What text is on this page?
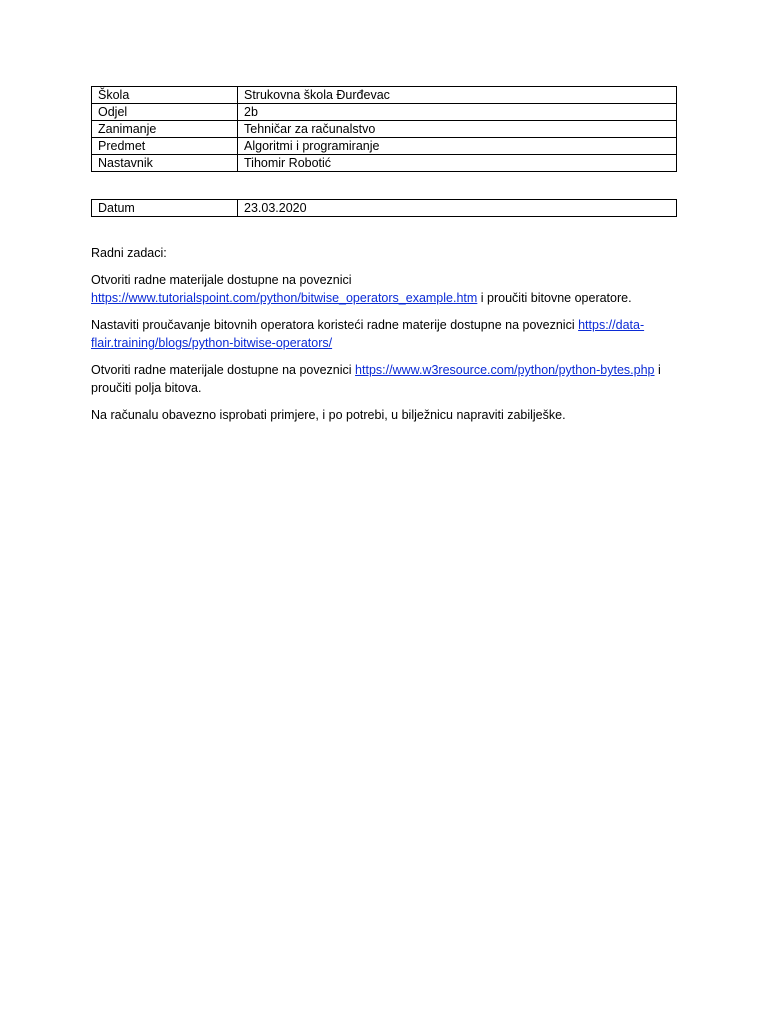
Škola	Strukovna škola Đurđevac
Odjel	2b
Zanimanje	Tehničar za računalstvo
Predmet	Algoritmi i programiranje
Nastavnik	Tihomir Robotić
Datum	23.03.2020

Radni zadaci:

Otvoriti radne materijale dostupne na poveznici https://www.tutorialspoint.com/python/bitwise_operators_example.htm i proučiti bitovne operatore.

Nastaviti proučavanje bitovnih operatora koristeći radne materije dostupne na poveznici https://data-flair.training/blogs/python-bitwise-operators/

Otvoriti radne materijale dostupne na poveznici https://www.w3resource.com/python/python-bytes.php i proučiti polja bitova.

Na računalu obavezno isprobati primjere, i po potrebi, u bilježnicu napraviti zabilješke.
